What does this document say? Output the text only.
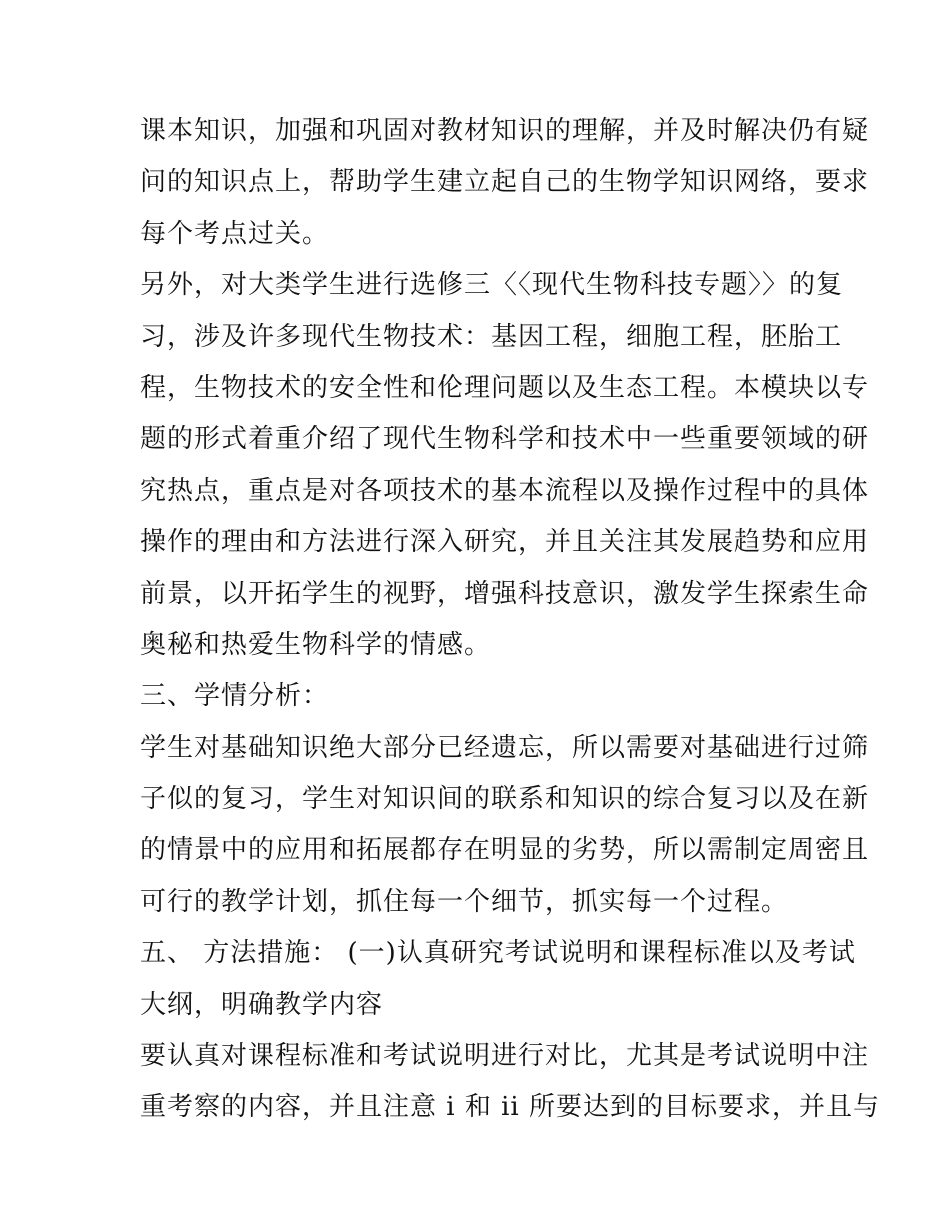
课本知识，加强和巩固对教材知识的理解，并及时解决仍有疑
问的知识点上，帮助学生建立起自己的生物学知识网络，要求
每个考点过关。
另外，对大类学生进行选修三〈〈现代生物科技专题〉〉的复
习，涉及许多现代生物技术：基因工程，细胞工程，胚胎工
程，生物技术的安全性和伦理问题以及生态工程。本模块以专
题的形式着重介绍了现代生物科学和技术中一些重要领域的研
究热点，重点是对各项技术的基本流程以及操作过程中的具体
操作的理由和方法进行深入研究，并且关注其发展趋势和应用
前景，以开拓学生的视野，增强科技意识，激发学生探索生命
奥秘和热爱生物科学的情感。
三、学情分析：
学生对基础知识绝大部分已经遗忘，所以需要对基础进行过筛
子似的复习，学生对知识间的联系和知识的综合复习以及在新
的情景中的应用和拓展都存在明显的劣势，所以需制定周密且
可行的教学计划，抓住每一个细节，抓实每一个过程。
五、 方法措施： (一)认真研究考试说明和课程标准以及考试
大纲，明确教学内容
要认真对课程标准和考试说明进行对比，尤其是考试说明中注
重考察的内容，并且注意 i 和 ii 所要达到的目标要求，并且与
